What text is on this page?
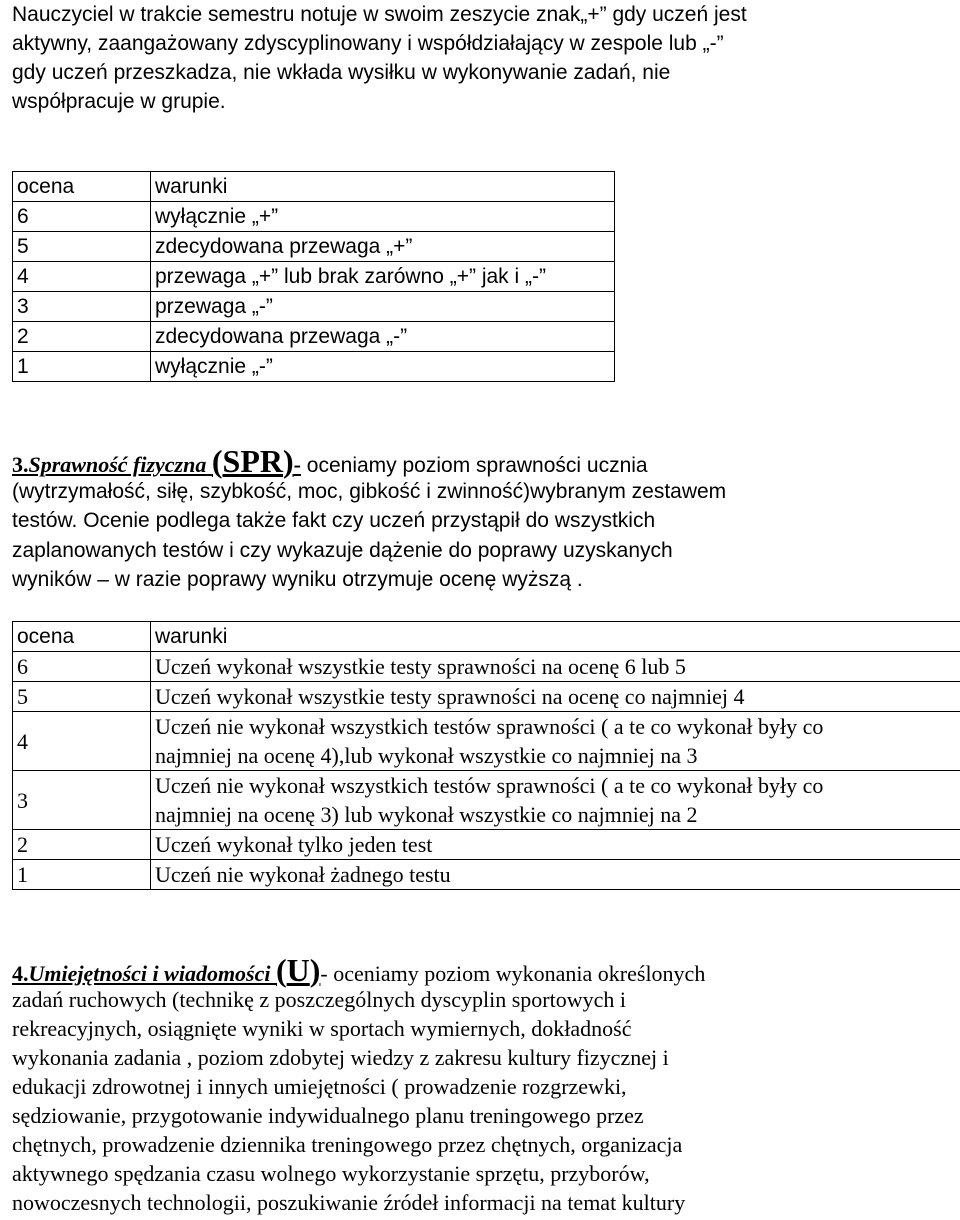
Nauczyciel w trakcie semestru notuje w swoim zeszycie znak„+” gdy uczeń jest
aktywny, zaangażowany zdyscyplinowany i współdziałający w zespole lub „-”
gdy uczeń przeszkadza, nie wkłada wysiłku w wykonywanie zadań, nie
współpracuje w grupie.
ocena	warunki
6	wyłącznie „+”
5	zdecydowana przewaga „+”
4	przewaga „+” lub brak zarówno „+” jak i „-”
3	przewaga „-”
2	zdecydowana przewaga „-”
1	wyłącznie „-”
3.Sprawność fizyczna (SPR)- oceniamy poziom sprawności ucznia
(wytrzymałość, siłę, szybkość, moc, gibkość i zwinność)wybranym zestawem
testów. Ocenie podlega także fakt czy uczeń przystąpił do wszystkich
zaplanowanych testów i czy wykazuje dążenie do poprawy uzyskanych
wyników – w razie poprawy wyniku otrzymuje ocenę wyższą .
ocena	warunki
6	Uczeń wykonał wszystkie testy sprawności na ocenę 6 lub 5

5	Uczeń wykonał wszystkie testy sprawności na ocenę co najmniej 4

4	Uczeń nie wykonał wszystkich testów sprawności ( a te co wykonał były co
najmniej na ocenę 4),lub wykonał wszystkie co najmniej na 3

3	Uczeń nie wykonał wszystkich testów sprawności ( a te co wykonał były co
najmniej na ocenę 3) lub wykonał wszystkie co najmniej na 2

2	Uczeń wykonał tylko jeden test

1	Uczeń nie wykonał żadnego testu
4.Umiejętności i wiadomości (U)- oceniamy poziom wykonania określonych
zadań ruchowych (technikę z poszczególnych dyscyplin sportowych i
rekreacyjnych, osiągnięte wyniki w sportach wymiernych, dokładność
wykonania zadania , poziom zdobytej wiedzy z zakresu kultury fizycznej i
edukacji zdrowotnej i innych umiejętności ( prowadzenie rozgrzewki,
sędziowanie, przygotowanie indywidualnego planu treningowego przez
chętnych, prowadzenie dziennika treningowego przez chętnych, organizacja
aktywnego spędzania czasu wolnego wykorzystanie sprzętu, przyborów,
nowoczesnych technologii, poszukiwanie źródeł informacji na temat kultury
